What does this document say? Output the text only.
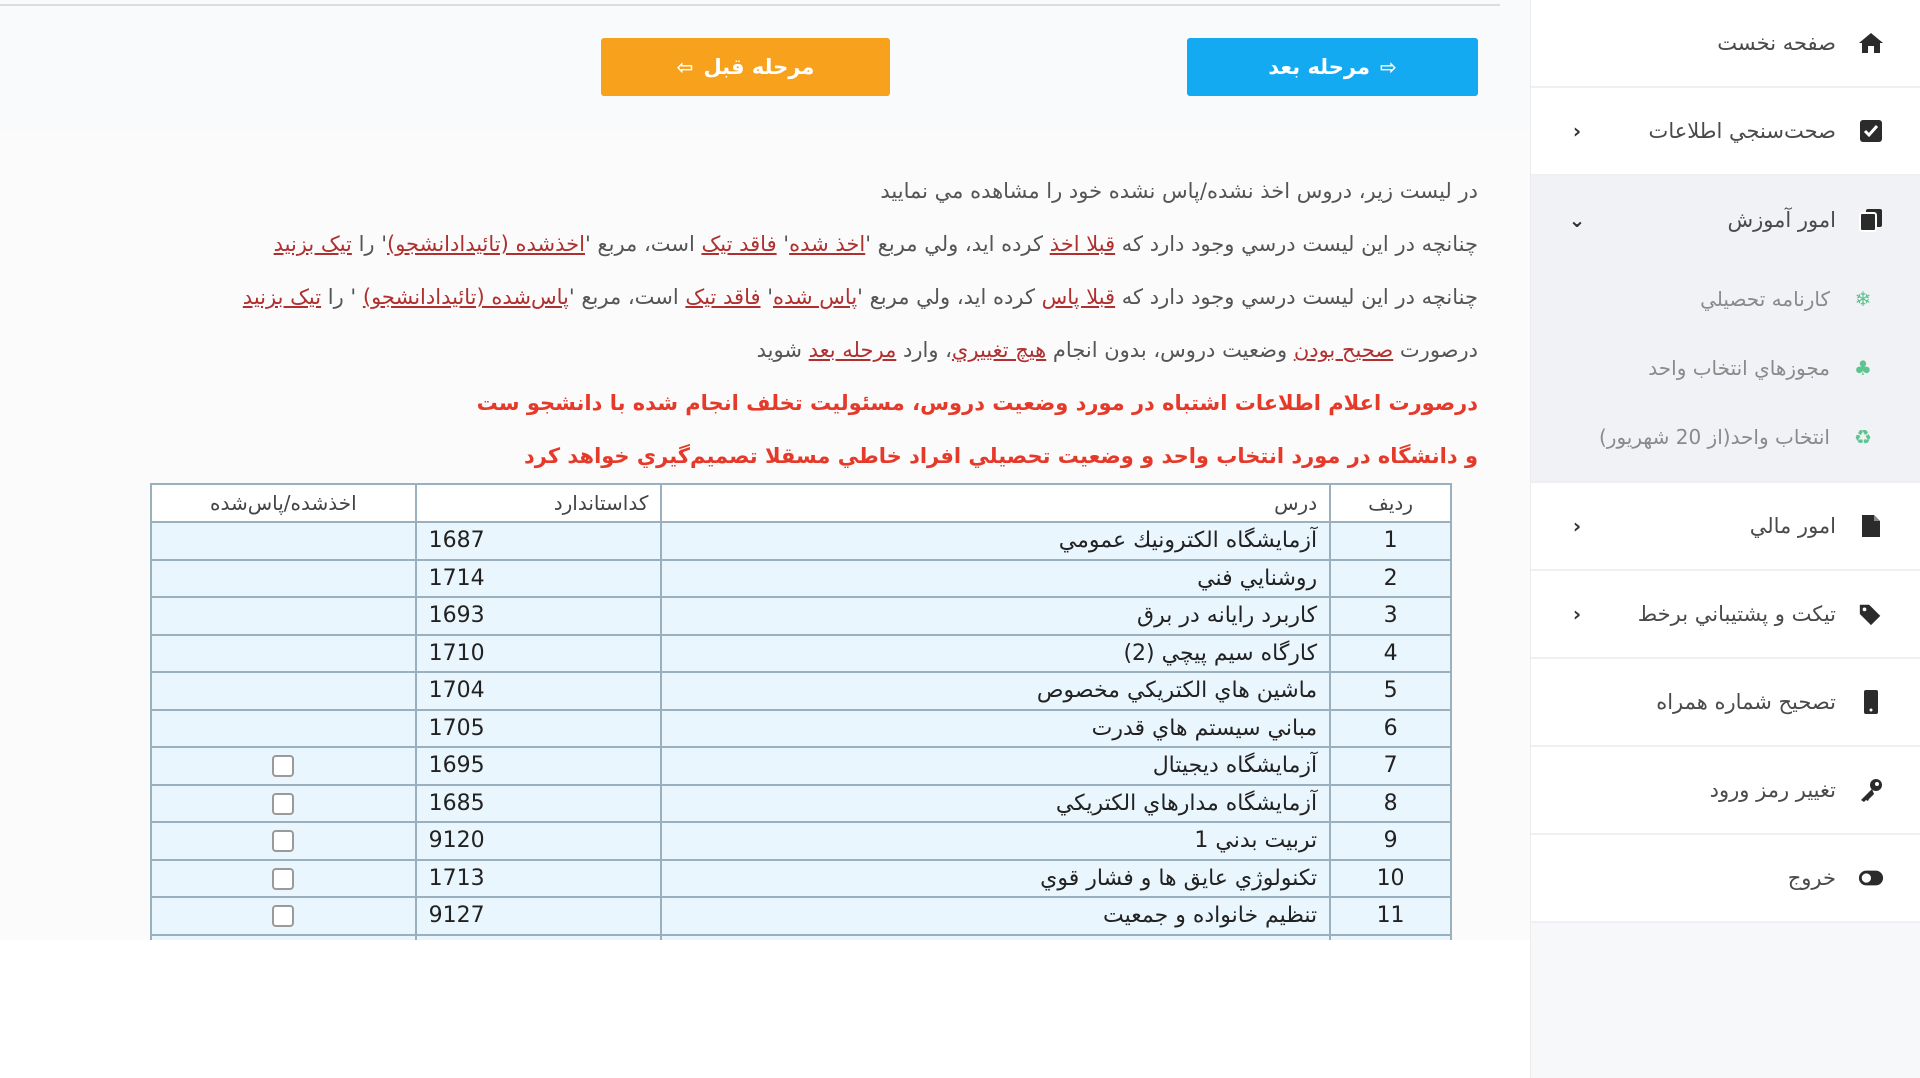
⇨
مرحله بعد
مرحله قبل
⇦
در ليست زير، دروس اخذ نشده/پاس نشده خود را مشاهده مي نماييد
چنانچه در اين ليست درسي وجود دارد که قبلا اخذ کرده ايد، ولي مربع 'اخذ شده' فاقد تيک است، مربع 'اخذشده (تائيدادانشجو)' را تيک بزنيد
چنانچه در اين ليست درسي وجود دارد که قبلا پاس کرده ايد، ولي مربع 'پاس شده' فاقد تيک است، مربع 'پاس‌شده (تائيدادانشجو) ' را تيک بزنيد
درصورت صحيح بودن وضعيت دروس، بدون انجام هيچ تغييري، وارد مرحله بعد شويد
درصورت اعلام اطلاعات اشتباه در مورد وضعيت دروس، مسئوليت تخلف انجام شده با دانشجو ست
و دانشگاه در مورد انتخاب واحد و وضعيت تحصيلي افراد خاطي مسقلا تصميم‌گيري خواهد کرد
رديف	درس	کداستاندارد	اخذشده/پاس‌شده
1	آزمايشگاه الکترونيك عمومي	1687	
2	روشنايي فني	1714	
3	کاربرد رايانه در برق	1693	
4	کارگاه سيم پيچي (2)	1710	
5	ماشين هاي الکتريکي مخصوص	1704	
6	مباني سيستم هاي قدرت	1705	
7	آزمايشگاه ديجيتال	1695	
8	آزمايشگاه مدارهاي الکتريکي	1685	
9	تربيت بدني 1	9120	
10	تکنولوژي عايق ها و فشار قوي	1713	
11	تنظيم خانواده و جمعيت	9127	

صفحه نخست
صحت‌سنجي اطلاعات
‹
امور آموزش
⌄
❄
کارنامه تحصيلي
♣
مجوزهاي انتخاب واحد
♻
انتخاب واحد(از 20 شهريور)
امور مالي
‹
تيکت و پشتيباني برخط
‹
تصحيح شماره همراه
تغيير رمز ورود
خروج
